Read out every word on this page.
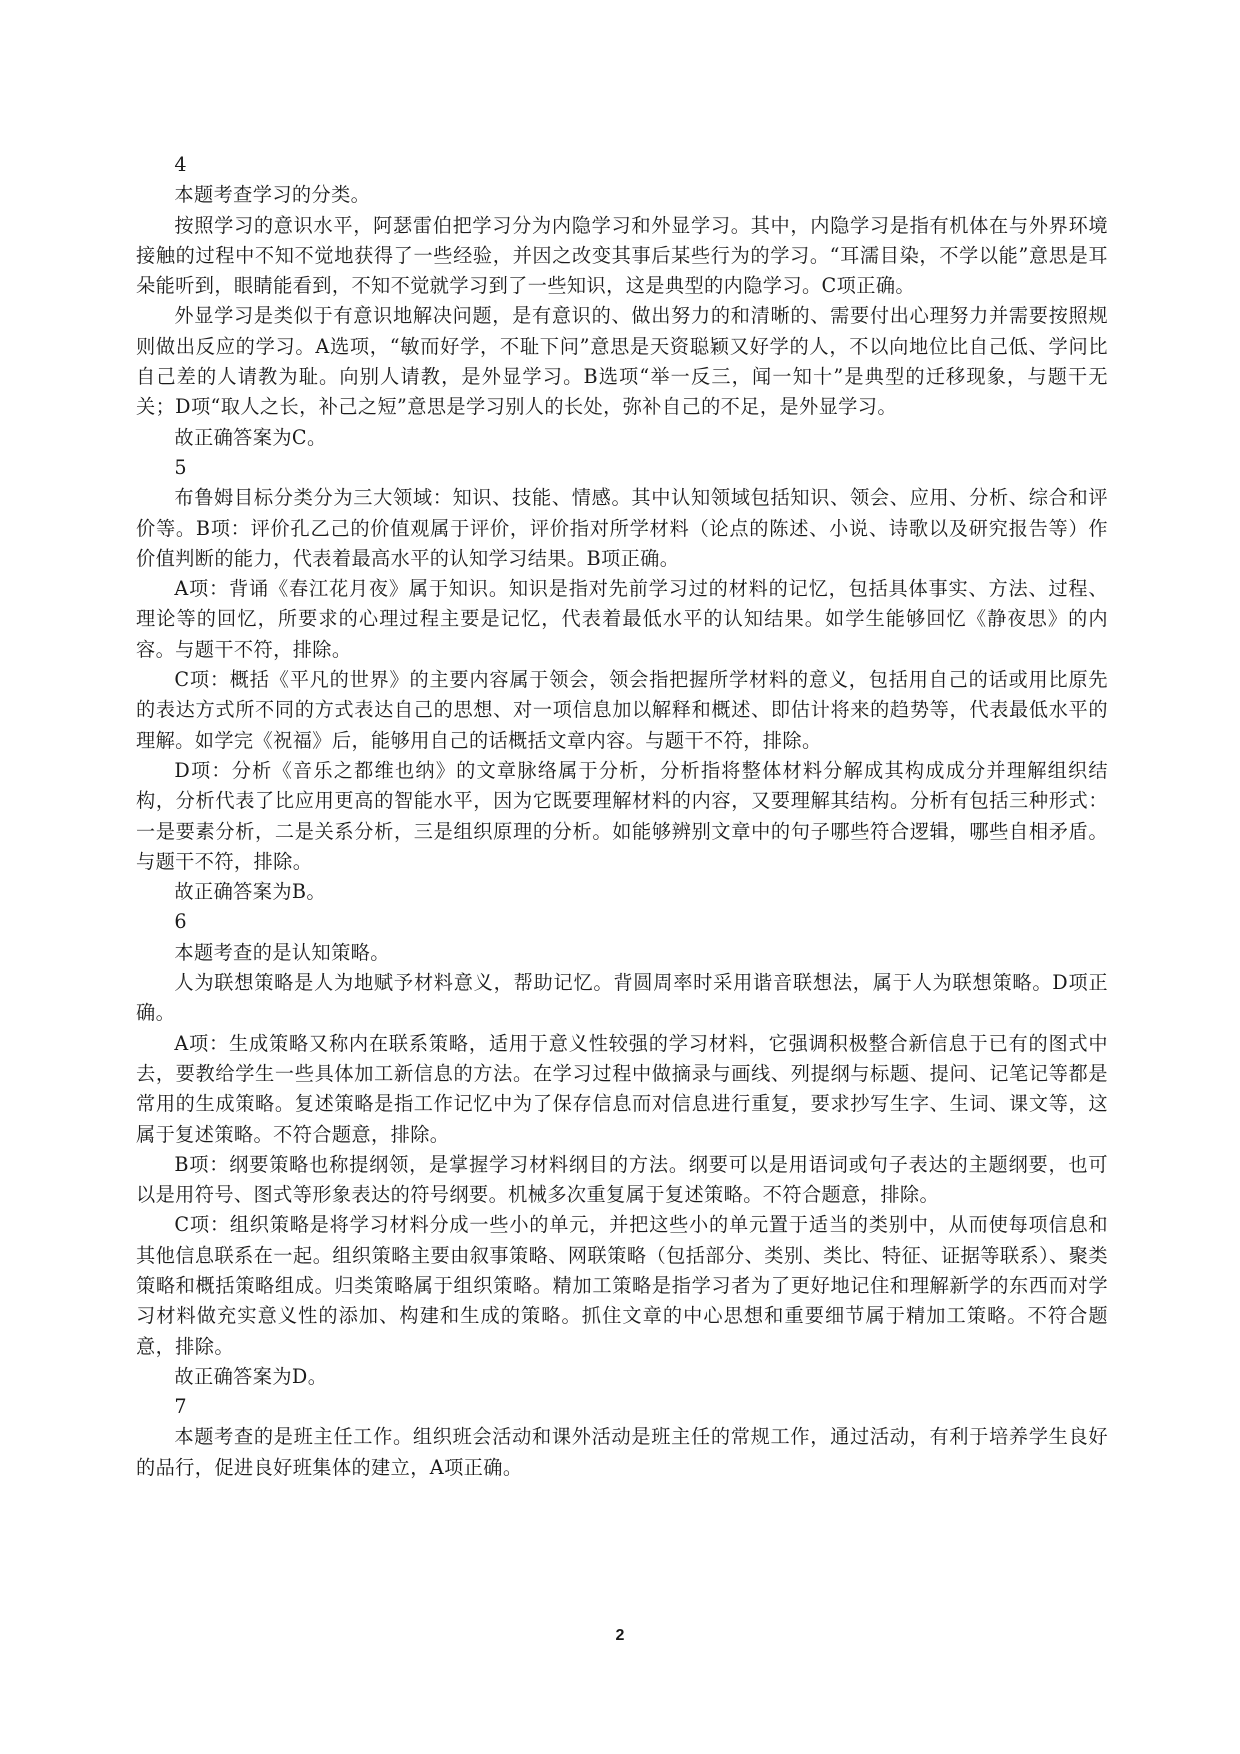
4

本题考查学习的分类。

按照学习的意识水平，阿瑟雷伯把学习分为内隐学习和外显学习。其中，内隐学习是指有机体在与外界环境接触的过程中不知不觉地获得了一些经验，并因之改变其事后某些行为的学习。“耳濡目染，不学以能”意思是耳朵能听到，眼睛能看到，不知不觉就学习到了一些知识，这是典型的内隐学习。C项正确。

外显学习是类似于有意识地解决问题，是有意识的、做出努力的和清晰的、需要付出心理努力并需要按照规则做出反应的学习。A选项，“敏而好学，不耻下问”意思是天资聪颖又好学的人，不以向地位比自己低、学问比自己差的人请教为耻。向别人请教，是外显学习。B选项“举一反三，闻一知十”是典型的迁移现象，与题干无关；D项“取人之长，补己之短”意思是学习别人的长处，弥补自己的不足，是外显学习。

故正确答案为C。

5

布鲁姆目标分类分为三大领域：知识、技能、情感。其中认知领域包括知识、领会、应用、分析、综合和评价等。B项：评价孔乙己的价值观属于评价，评价指对所学材料（论点的陈述、小说、诗歌以及研究报告等）作价值判断的能力，代表着最高水平的认知学习结果。B项正确。

A项：背诵《春江花月夜》属于知识。知识是指对先前学习过的材料的记忆，包括具体事实、方法、过程、理论等的回忆，所要求的心理过程主要是记忆，代表着最低水平的认知结果。如学生能够回忆《静夜思》的内容。与题干不符，排除。

C项：概括《平凡的世界》的主要内容属于领会，领会指把握所学材料的意义，包括用自己的话或用比原先的表达方式所不同的方式表达自己的思想、对一项信息加以解释和概述、即估计将来的趋势等，代表最低水平的理解。如学完《祝福》后，能够用自己的话概括文章内容。与题干不符，排除。

D项：分析《音乐之都维也纳》的文章脉络属于分析，分析指将整体材料分解成其构成成分并理解组织结构，分析代表了比应用更高的智能水平，因为它既要理解材料的内容，又要理解其结构。分析有包括三种形式：一是要素分析，二是关系分析，三是组织原理的分析。如能够辨别文章中的句子哪些符合逻辑，哪些自相矛盾。与题干不符，排除。

故正确答案为B。

6

本题考查的是认知策略。

人为联想策略是人为地赋予材料意义，帮助记忆。背圆周率时采用谐音联想法，属于人为联想策略。D项正确。

A项：生成策略又称内在联系策略，适用于意义性较强的学习材料，它强调积极整合新信息于已有的图式中去，要教给学生一些具体加工新信息的方法。在学习过程中做摘录与画线、列提纲与标题、提问、记笔记等都是常用的生成策略。复述策略是指工作记忆中为了保存信息而对信息进行重复，要求抄写生字、生词、课文等，这属于复述策略。不符合题意，排除。

B项：纲要策略也称提纲领，是掌握学习材料纲目的方法。纲要可以是用语词或句子表达的主题纲要，也可以是用符号、图式等形象表达的符号纲要。机械多次重复属于复述策略。不符合题意，排除。

C项：组织策略是将学习材料分成一些小的单元，并把这些小的单元置于适当的类别中，从而使每项信息和其他信息联系在一起。组织策略主要由叙事策略、网联策略（包括部分、类别、类比、特征、证据等联系）、聚类策略和概括策略组成。归类策略属于组织策略。精加工策略是指学习者为了更好地记住和理解新学的东西而对学习材料做充实意义性的添加、构建和生成的策略。抓住文章的中心思想和重要细节属于精加工策略。不符合题意，排除。

故正确答案为D。

7

本题考查的是班主任工作。组织班会活动和课外活动是班主任的常规工作，通过活动，有利于培养学生良好的品行，促进良好班集体的建立，A项正确。

2
